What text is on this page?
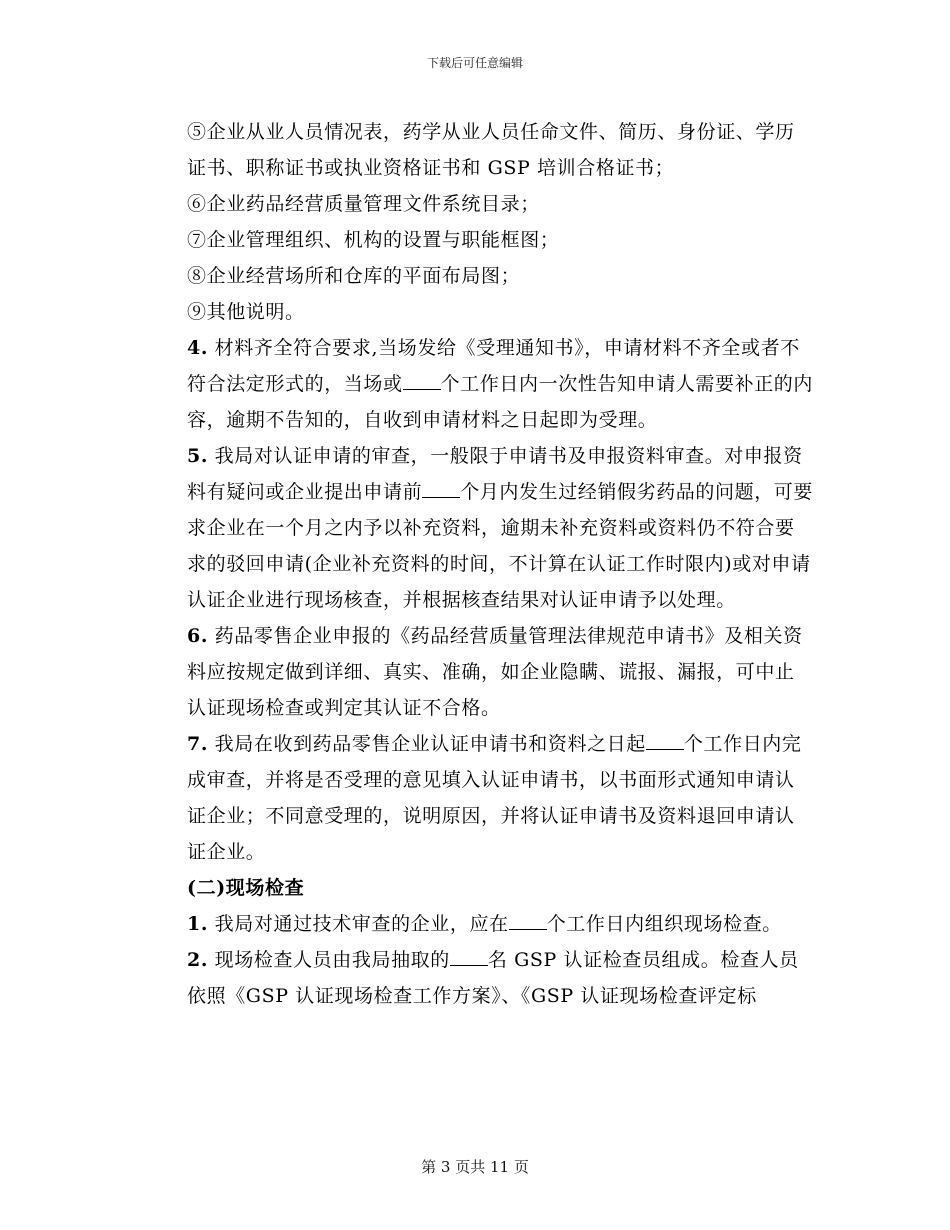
下载后可任意编辑

⑤企业从业人员情况表，药学从业人员任命文件、简历、身份证、学历证书、职称证书或执业资格证书和 GSP 培训合格证书；

⑥企业药品经营质量管理文件系统目录；

⑦企业管理组织、机构的设置与职能框图；

⑧企业经营场所和仓库的平面布局图；

⑨其他说明。

4. 材料齐全符合要求,当场发给《受理通知书》，申请材料不齐全或者不符合法定形式的，当场或 个工作日内一次性告知申请人需要补正的内容，逾期不告知的，自收到申请材料之日起即为受理。

5. 我局对认证申请的审查，一般限于申请书及申报资料审查。对申报资料有疑问或企业提出申请前 个月内发生过经销假劣药品的问题，可要求企业在一个月之内予以补充资料，逾期未补充资料或资料仍不符合要求的驳回申请(企业补充资料的时间，不计算在认证工作时限内)或对申请认证企业进行现场核查，并根据核查结果对认证申请予以处理。

6. 药品零售企业申报的《药品经营质量管理法律规范申请书》及相关资料应按规定做到详细、真实、准确，如企业隐瞒、谎报、漏报，可中止认证现场检查或判定其认证不合格。

7. 我局在收到药品零售企业认证申请书和资料之日起 个工作日内完成审查，并将是否受理的意见填入认证申请书，以书面形式通知申请认证企业；不同意受理的，说明原因，并将认证申请书及资料退回申请认证企业。

(二)现场检查

1. 我局对通过技术审查的企业，应在 个工作日内组织现场检查。

2. 现场检查人员由我局抽取的 名 GSP 认证检查员组成。检查人员依照《GSP 认证现场检查工作方案》、《GSP 认证现场检查评定标

第 3 页共 11 页
